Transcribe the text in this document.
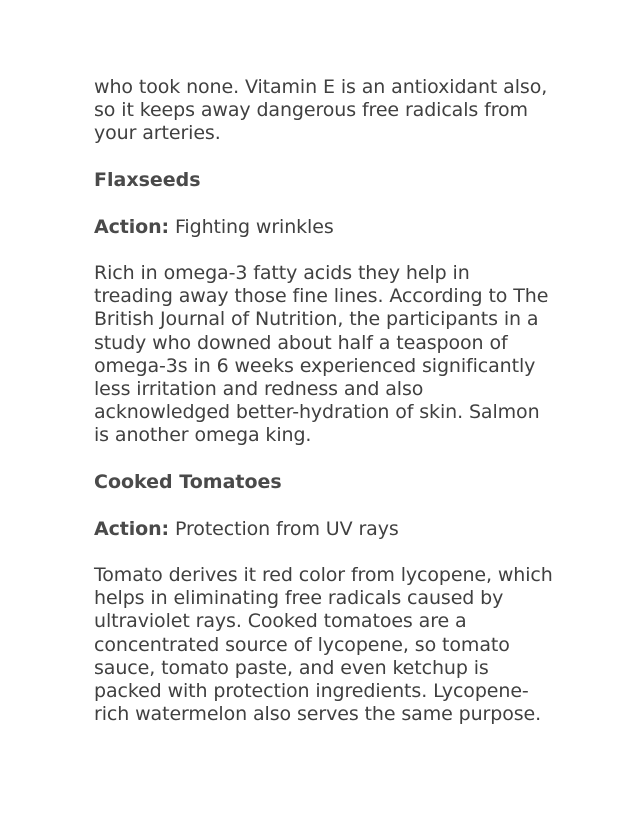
who took none. Vitamin E is an antioxidant also, so it keeps away dangerous free radicals from your arteries.

Flaxseeds

Action: Fighting wrinkles

Rich in omega-3 fatty acids they help in treading away those fine lines. According to The British Journal of Nutrition, the participants in a study who downed about half a teaspoon of omega-3s in 6 weeks experienced significantly less irritation and redness and also acknowledged better-hydration of skin. Salmon is another omega king.

Cooked Tomatoes

Action: Protection from UV rays

Tomato derives it red color from lycopene, which helps in eliminating free radicals caused by ultraviolet rays. Cooked tomatoes are a concentrated source of lycopene, so tomato sauce, tomato paste, and even ketchup is packed with protection ingredients. Lycopene-rich watermelon also serves the same purpose.
